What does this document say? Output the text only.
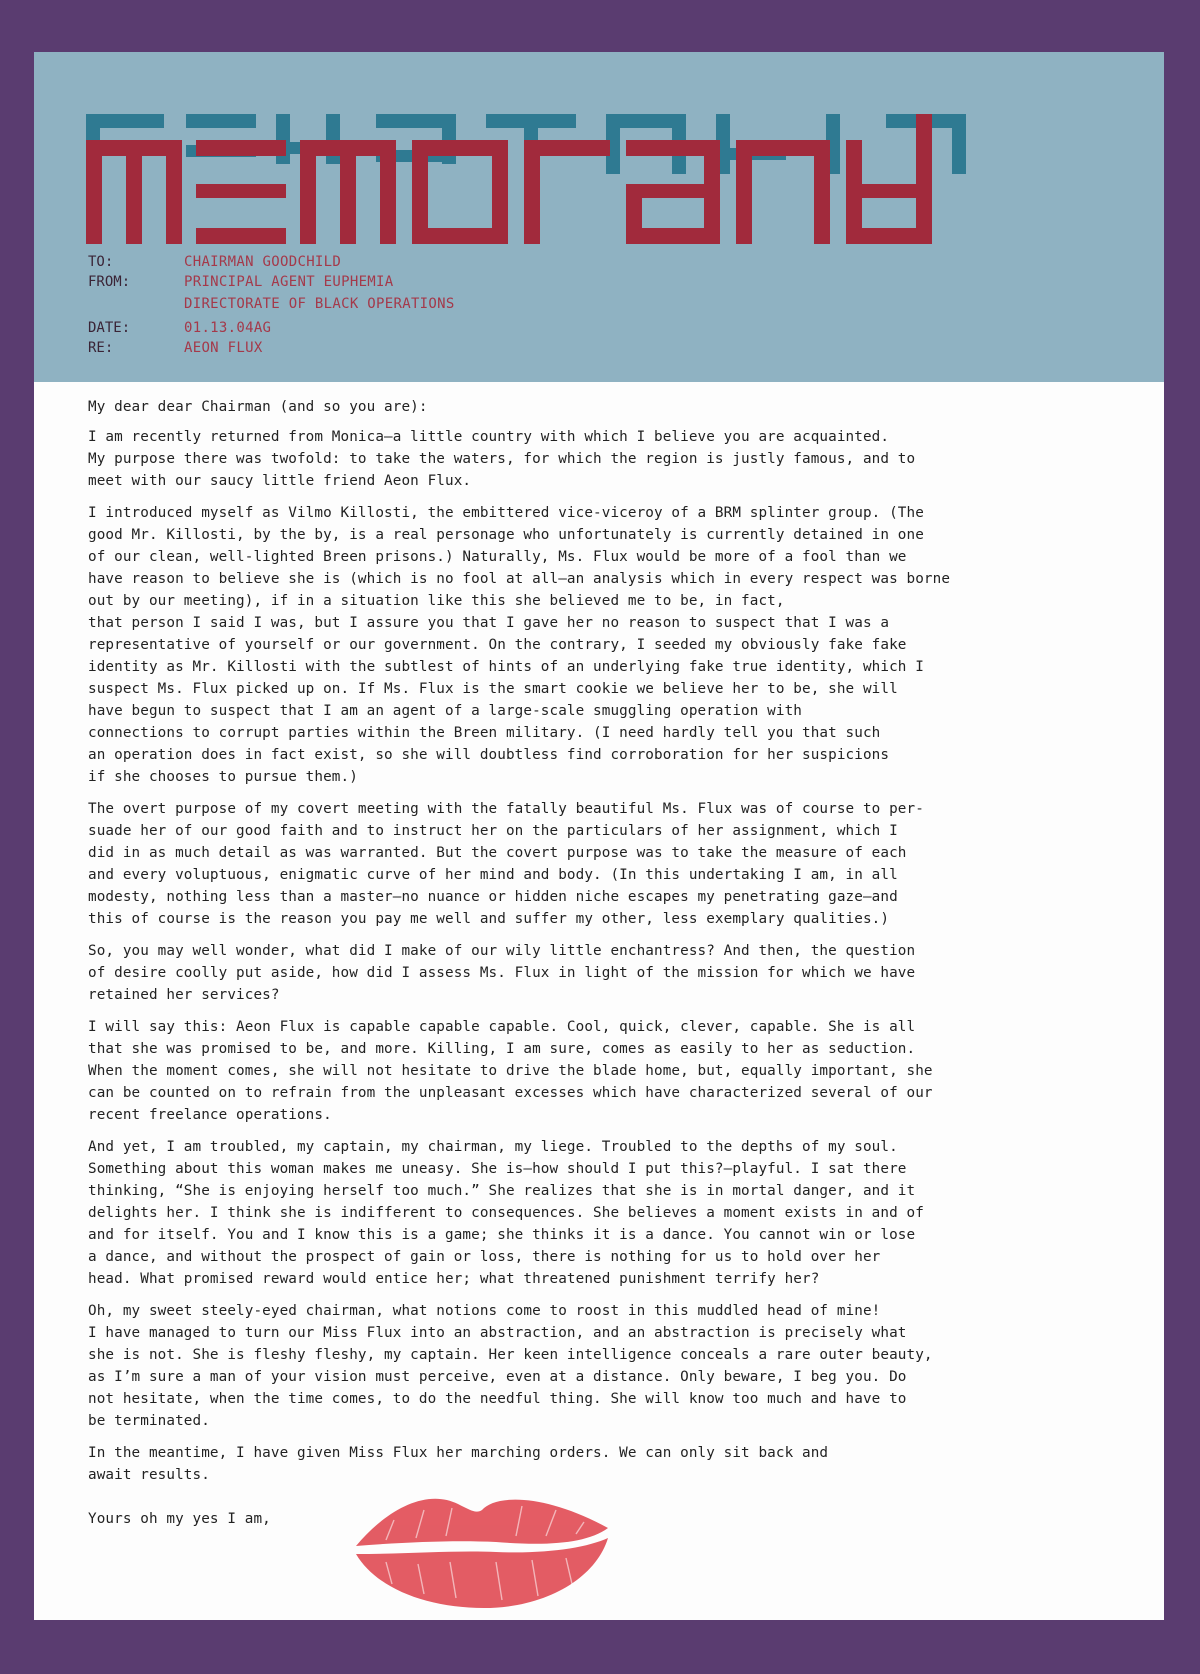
MEMORANDA
TO:	CHAIRMAN GOODCHILD
FROM:	PRINCIPAL AGENT EUPHEMIA
DIRECTORATE OF BLACK OPERATIONS
DATE:	01.13.04AG
RE:	AEON FLUX

My dear dear Chairman (and so you are):

I am recently returned from Monica—a little country with which I believe you are acquainted.
My purpose there was twofold: to take the waters, for which the region is justly famous, and to
meet with our saucy little friend Aeon Flux.

I introduced myself as Vilmo Killosti, the embittered vice-viceroy of a BRM splinter group. (The
good Mr. Killosti, by the by, is a real personage who unfortunately is currently detained in one
of our clean, well-lighted Breen prisons.) Naturally, Ms. Flux would be more of a fool than we
have reason to believe she is (which is no fool at all—an analysis which in every respect was borne
out by our meeting), if in a situation like this she believed me to be, in fact,
that person I said I was, but I assure you that I gave her no reason to suspect that I was a
representative of yourself or our government. On the contrary, I seeded my obviously fake fake
identity as Mr. Killosti with the subtlest of hints of an underlying fake true identity, which I
suspect Ms. Flux picked up on. If Ms. Flux is the smart cookie we believe her to be, she will
have begun to suspect that I am an agent of a large-scale smuggling operation with
connections to corrupt parties within the Breen military. (I need hardly tell you that such
an operation does in fact exist, so she will doubtless find corroboration for her suspicions
if she chooses to pursue them.)

The overt purpose of my covert meeting with the fatally beautiful Ms. Flux was of course to per-
suade her of our good faith and to instruct her on the particulars of her assignment, which I
did in as much detail as was warranted. But the covert purpose was to take the measure of each
and every voluptuous, enigmatic curve of her mind and body. (In this undertaking I am, in all
modesty, nothing less than a master—no nuance or hidden niche escapes my penetrating gaze—and
this of course is the reason you pay me well and suffer my other, less exemplary qualities.)

So, you may well wonder, what did I make of our wily little enchantress? And then, the question
of desire coolly put aside, how did I assess Ms. Flux in light of the mission for which we have
retained her services?

I will say this: Aeon Flux is capable capable capable. Cool, quick, clever, capable. She is all
that she was promised to be, and more. Killing, I am sure, comes as easily to her as seduction.
When the moment comes, she will not hesitate to drive the blade home, but, equally important, she
can be counted on to refrain from the unpleasant excesses which have characterized several of our
recent freelance operations.

And yet, I am troubled, my captain, my chairman, my liege. Troubled to the depths of my soul.
Something about this woman makes me uneasy. She is—how should I put this?—playful. I sat there
thinking, “She is enjoying herself too much.” She realizes that she is in mortal danger, and it
delights her. I think she is indifferent to consequences. She believes a moment exists in and of
and for itself. You and I know this is a game; she thinks it is a dance. You cannot win or lose
a dance, and without the prospect of gain or loss, there is nothing for us to hold over her
head. What promised reward would entice her; what threatened punishment terrify her?

Oh, my sweet steely-eyed chairman, what notions come to roost in this muddled head of mine!
I have managed to turn our Miss Flux into an abstraction, and an abstraction is precisely what
she is not. She is fleshy fleshy, my captain. Her keen intelligence conceals a rare outer beauty,
as I’m sure a man of your vision must perceive, even at a distance. Only beware, I beg you. Do
not hesitate, when the time comes, to do the needful thing. She will know too much and have to
be terminated.

In the meantime, I have given Miss Flux her marching orders. We can only sit back and
await results.

Yours oh my yes I am,
